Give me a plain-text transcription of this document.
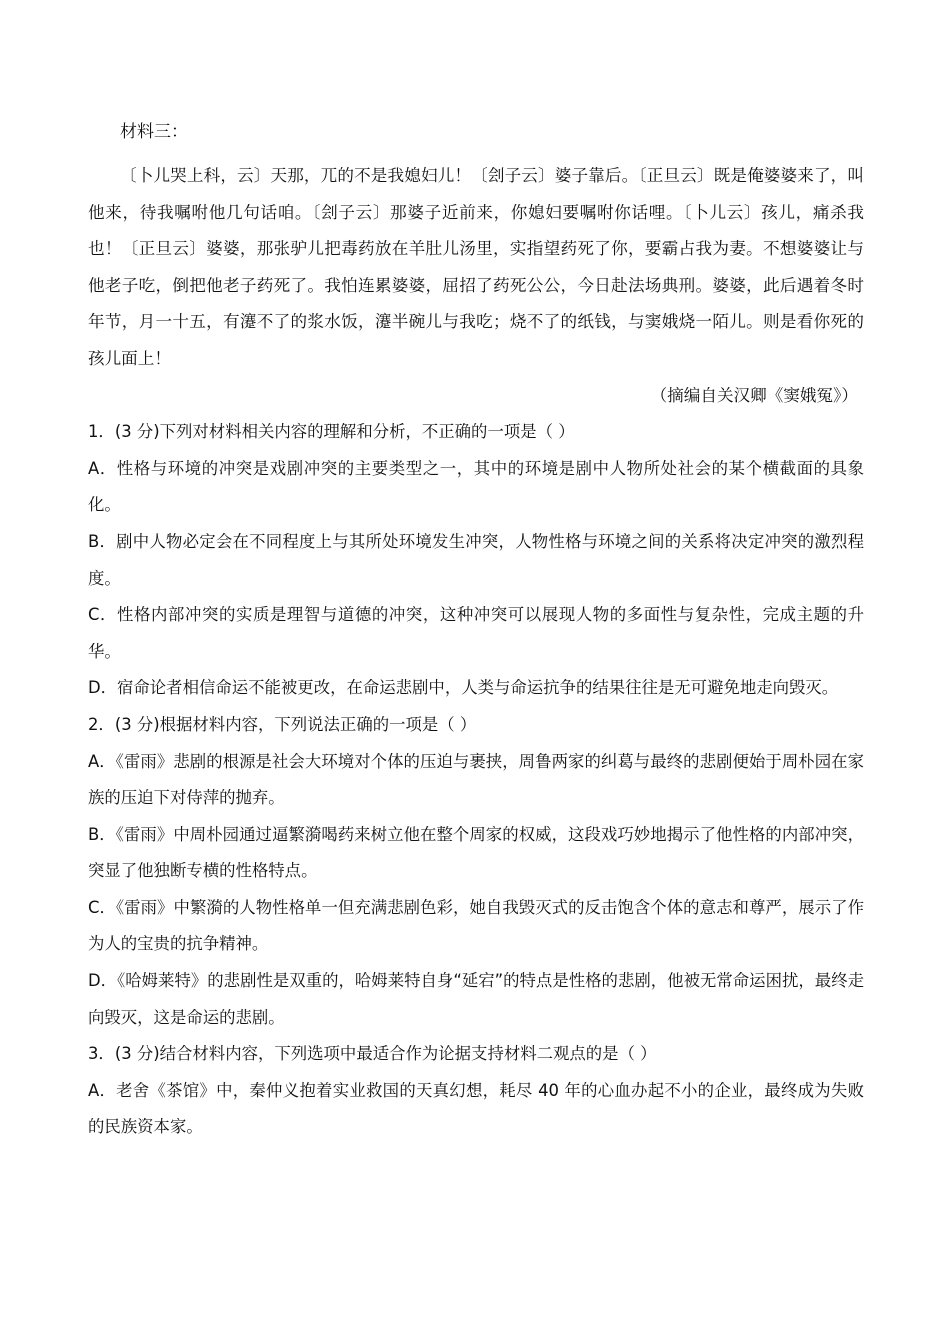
材料三：

〔卜儿哭上科，云〕天那，兀的不是我媳妇儿！〔刽子云〕婆子靠后。〔正旦云〕既是俺婆婆来了，叫他来，待我嘱咐他几句话咱。〔刽子云〕那婆子近前来，你媳妇要嘱咐你话哩。〔卜儿云〕孩儿，痛杀我也！〔正旦云〕婆婆，那张驴儿把毒药放在羊肚儿汤里，实指望药死了你，要霸占我为妻。不想婆婆让与他老子吃，倒把他老子药死了。我怕连累婆婆，屈招了药死公公，今日赴法场典刑。婆婆，此后遇着冬时年节，月一十五，有瀽不了的浆水饭，瀽半碗儿与我吃；烧不了的纸钱，与窦娥烧一陌儿。则是看你死的孩儿面上！

（摘编自关汉卿《窦娥冤》）

1．(3 分)下列对材料相关内容的理解和分析，不正确的一项是（ ）

A．性格与环境的冲突是戏剧冲突的主要类型之一，其中的环境是剧中人物所处社会的某个横截面的具象化。

B．剧中人物必定会在不同程度上与其所处环境发生冲突，人物性格与环境之间的关系将决定冲突的激烈程度。

C．性格内部冲突的实质是理智与道德的冲突，这种冲突可以展现人物的多面性与复杂性，完成主题的升华。

D．宿命论者相信命运不能被更改，在命运悲剧中，人类与命运抗争的结果往往是无可避免地走向毁灭。

2．(3 分)根据材料内容，下列说法正确的一项是（ ）

A．《雷雨》悲剧的根源是社会大环境对个体的压迫与裹挟，周鲁两家的纠葛与最终的悲剧便始于周朴园在家族的压迫下对侍萍的抛弃。

B．《雷雨》中周朴园通过逼繁漪喝药来树立他在整个周家的权威，这段戏巧妙地揭示了他性格的内部冲突，突显了他独断专横的性格特点。

C．《雷雨》中繁漪的人物性格单一但充满悲剧色彩，她自我毁灭式的反击饱含个体的意志和尊严，展示了作为人的宝贵的抗争精神。

D．《哈姆莱特》的悲剧性是双重的，哈姆莱特自身“延宕”的特点是性格的悲剧，他被无常命运困扰，最终走向毁灭，这是命运的悲剧。

3．(3 分)结合材料内容，下列选项中最适合作为论据支持材料二观点的是（ ）

A．老舍《茶馆》中，秦仲义抱着实业救国的天真幻想，耗尽 40 年的心血办起不小的企业，最终成为失败的民族资本家。
